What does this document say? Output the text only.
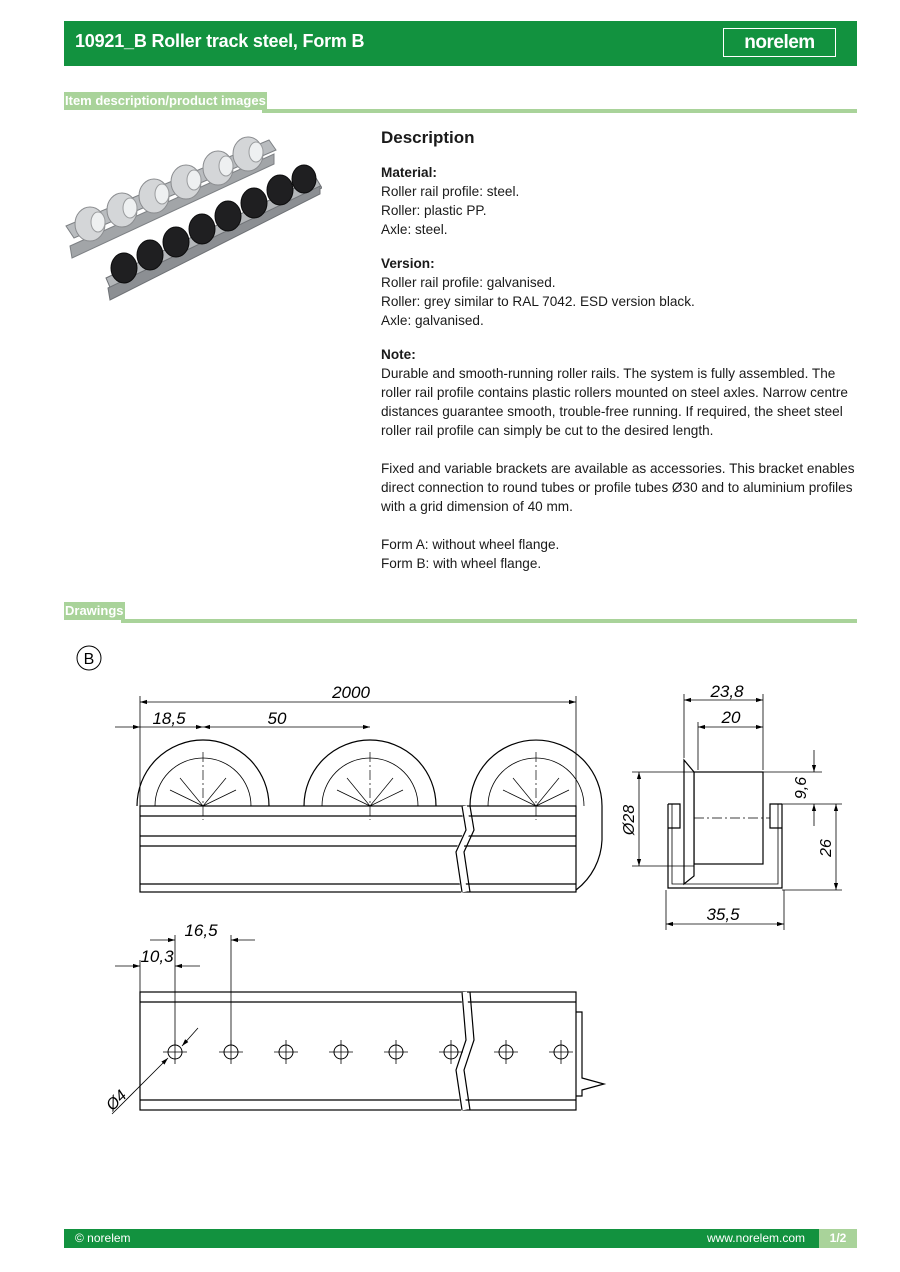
10921_B Roller track steel, Form B	norelem
Item description/product images
Description
Material:
Roller rail profile: steel.
Roller: plastic PP.
Axle: steel.
Version:
Roller rail profile: galvanised.
Roller: grey similar to RAL 7042. ESD version black.
Axle: galvanised.
Note:
Durable and smooth-running roller rails. The system is fully assembled. The roller rail profile contains plastic rollers mounted on steel axles. Narrow centre distances guarantee smooth, trouble-free running. If required, the sheet steel roller rail profile can simply be cut to the desired length.
Fixed and variable brackets are available as accessories. This bracket enables direct connection to round tubes or profile tubes Ø30 and to aluminium profiles with a grid dimension of 40 mm.
Form A: without wheel flange.
Form B: with wheel flange.
Drawings
B
2000
18,5	50
23,8
20
Ø28
9,6
26
35,5
16,5
10,3
Ø4
© norelem	www.norelem.com	1/2
